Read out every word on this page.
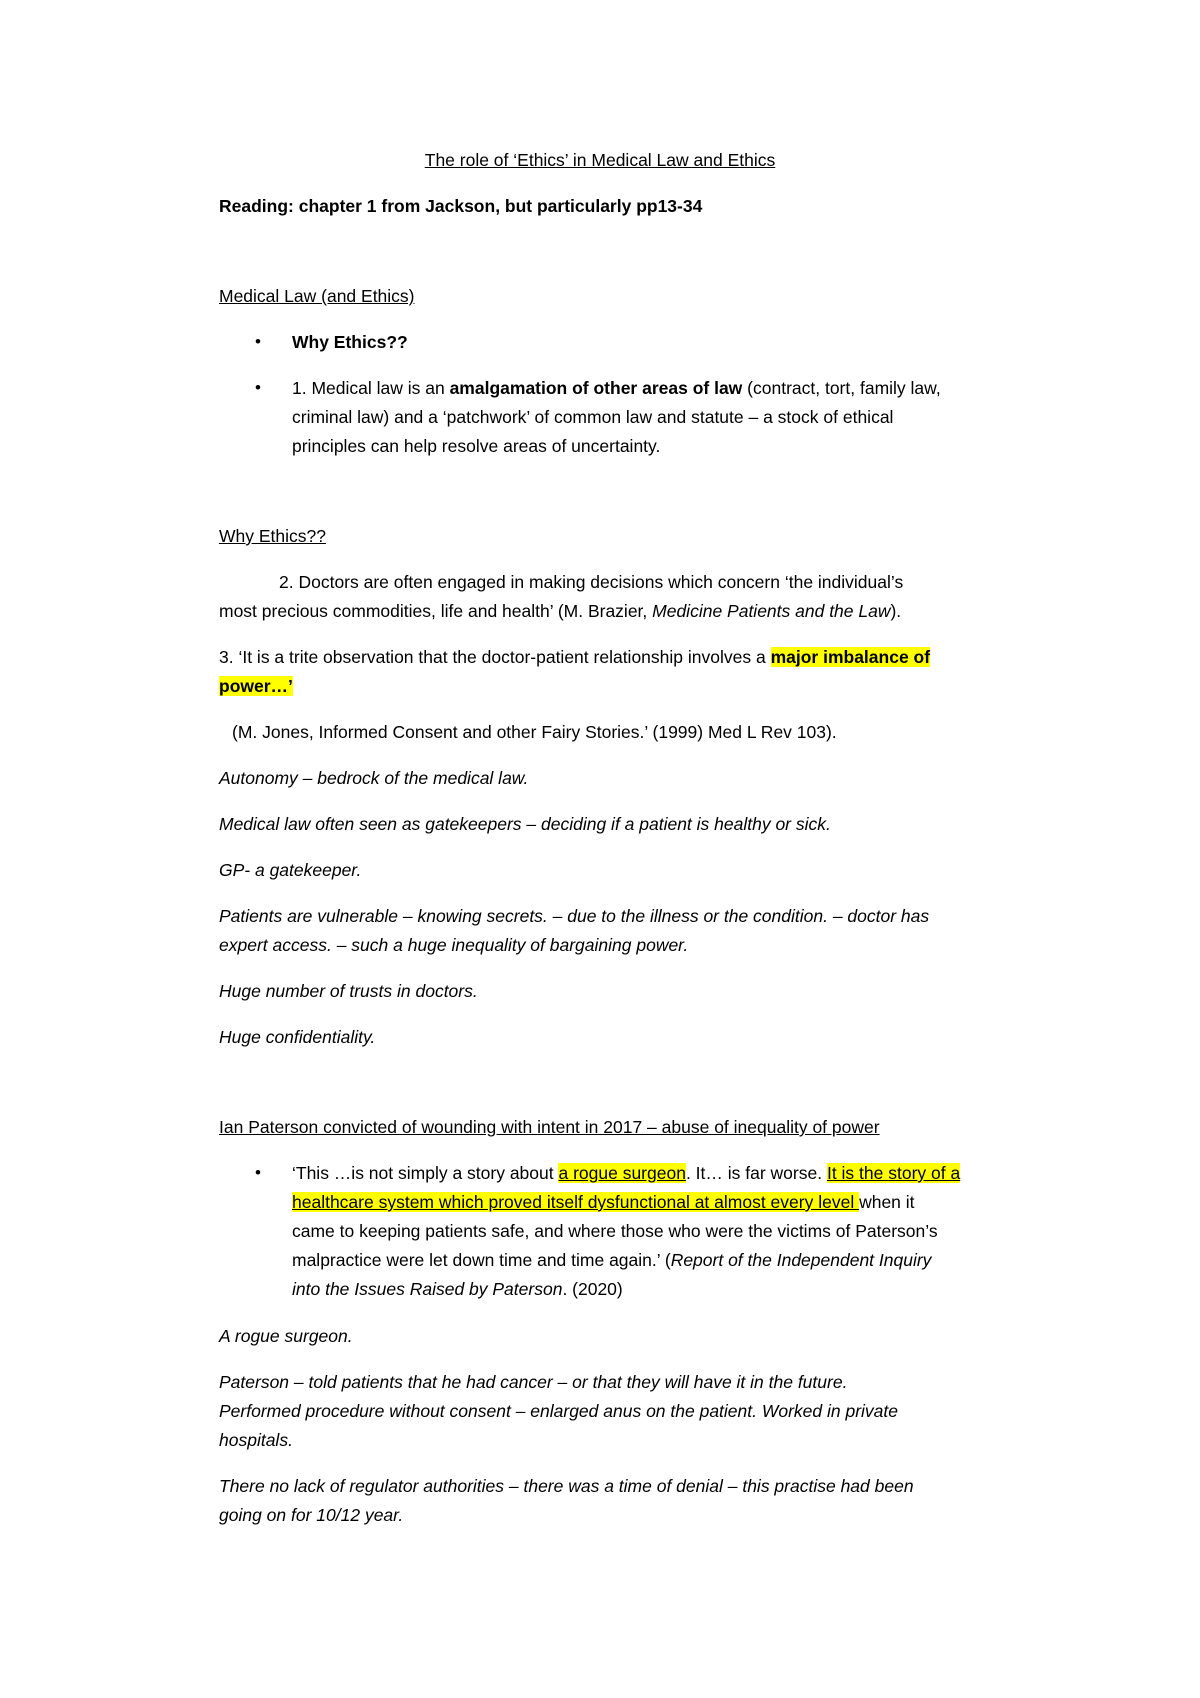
The role of ‘Ethics’ in Medical Law and Ethics
Reading: chapter 1 from Jackson, but particularly pp13-34
Medical Law (and Ethics)
• Why Ethics??
• 1. Medical law is an amalgamation of other areas of law (contract, tort, family law,
criminal law) and a ‘patchwork’ of common law and statute – a stock of ethical
principles can help resolve areas of uncertainty.
Why Ethics??
2. Doctors are often engaged in making decisions which concern ‘the individual’s
most precious commodities, life and health’ (M. Brazier, Medicine Patients and the Law).
3. ‘It is a trite observation that the doctor-patient relationship involves a major imbalance of
power…’
(M. Jones, Informed Consent and other Fairy Stories.’ (1999) Med L Rev 103).
Autonomy – bedrock of the medical law.
Medical law often seen as gatekeepers – deciding if a patient is healthy or sick.
GP- a gatekeeper.
Patients are vulnerable – knowing secrets. – due to the illness or the condition. – doctor has
expert access. – such a huge inequality of bargaining power.
Huge number of trusts in doctors.
Huge confidentiality.
Ian Paterson convicted of wounding with intent in 2017 – abuse of inequality of power
• ‘This …is not simply a story about a rogue surgeon. It… is far worse. It is the story of a
healthcare system which proved itself dysfunctional at almost every level when it
came to keeping patients safe, and where those who were the victims of Paterson’s
malpractice were let down time and time again.’ (Report of the Independent Inquiry
into the Issues Raised by Paterson. (2020)
A rogue surgeon.
Paterson – told patients that he had cancer – or that they will have it in the future.
Performed procedure without consent – enlarged anus on the patient. Worked in private
hospitals.
There no lack of regulator authorities – there was a time of denial – this practise had been
going on for 10/12 year.
